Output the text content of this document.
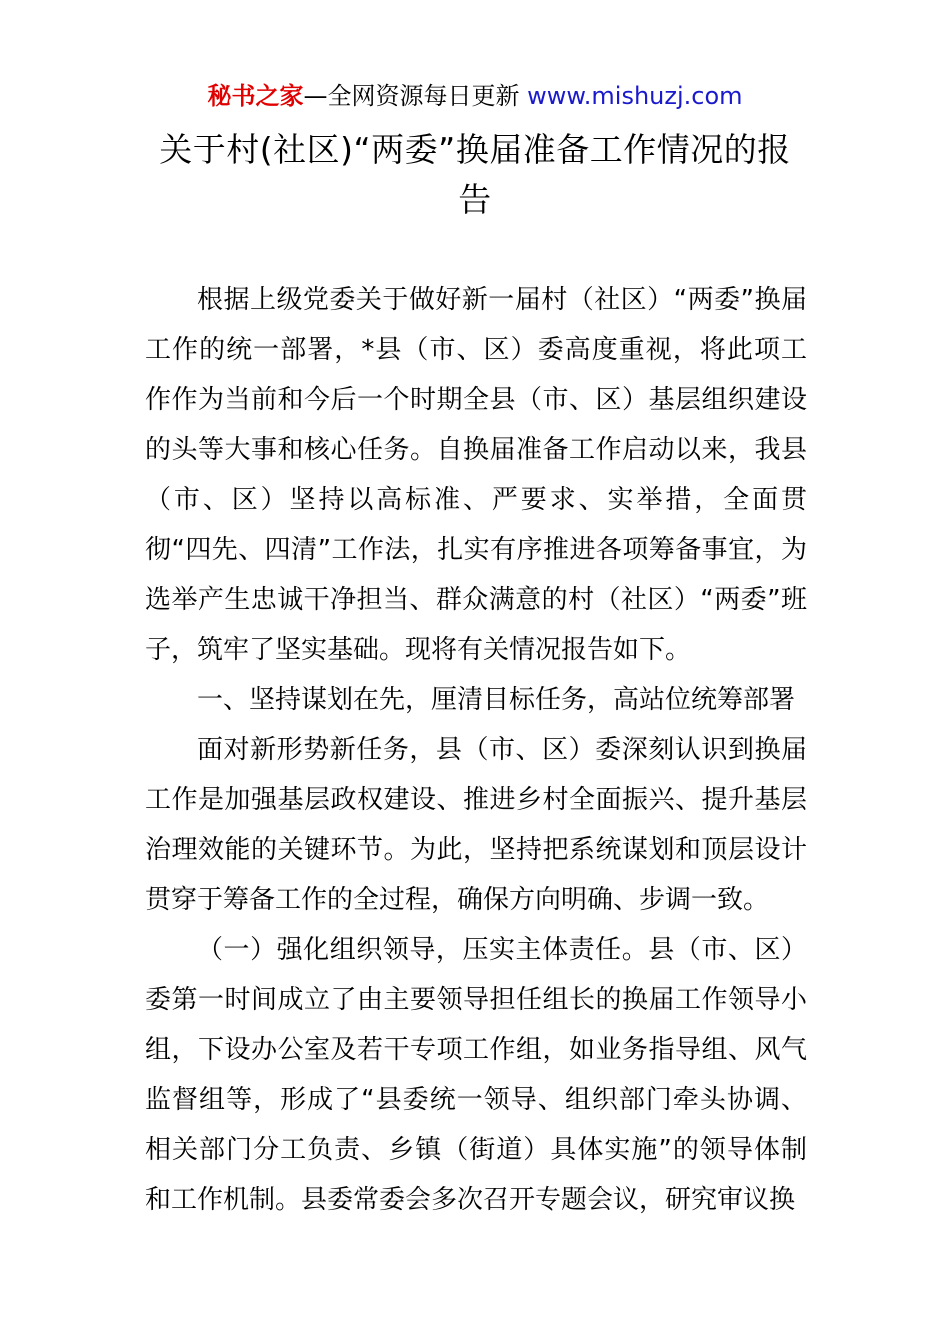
秘书之家—全网资源每日更新 www.mishuzj.com
关于村(社区)“两委”换届准备工作情况的报告

根据上级党委关于做好新一届村（社区）“两委”换届工作的统一部署，*县（市、区）委高度重视，将此项工作作为当前和今后一个时期全县（市、区）基层组织建设的头等大事和核心任务。自换届准备工作启动以来，我县（市、区）坚持以高标准、严要求、实举措，全面贯彻“四先、四清”工作法，扎实有序推进各项筹备事宜，为选举产生忠诚干净担当、群众满意的村（社区）“两委”班子，筑牢了坚实基础。现将有关情况报告如下。

一、坚持谋划在先，厘清目标任务，高站位统筹部署

面对新形势新任务，县（市、区）委深刻认识到换届工作是加强基层政权建设、推进乡村全面振兴、提升基层治理效能的关键环节。为此，坚持把系统谋划和顶层设计贯穿于筹备工作的全过程，确保方向明确、步调一致。

（一）强化组织领导，压实主体责任。县（市、区）委第一时间成立了由主要领导担任组长的换届工作领导小组，下设办公室及若干专项工作组，如业务指导组、风气监督组等，形成了“县委统一领导、组织部门牵头协调、相关部门分工负责、乡镇（街道）具体实施”的领导体制和工作机制。县委常委会多次召开专题会议，研究审议换
